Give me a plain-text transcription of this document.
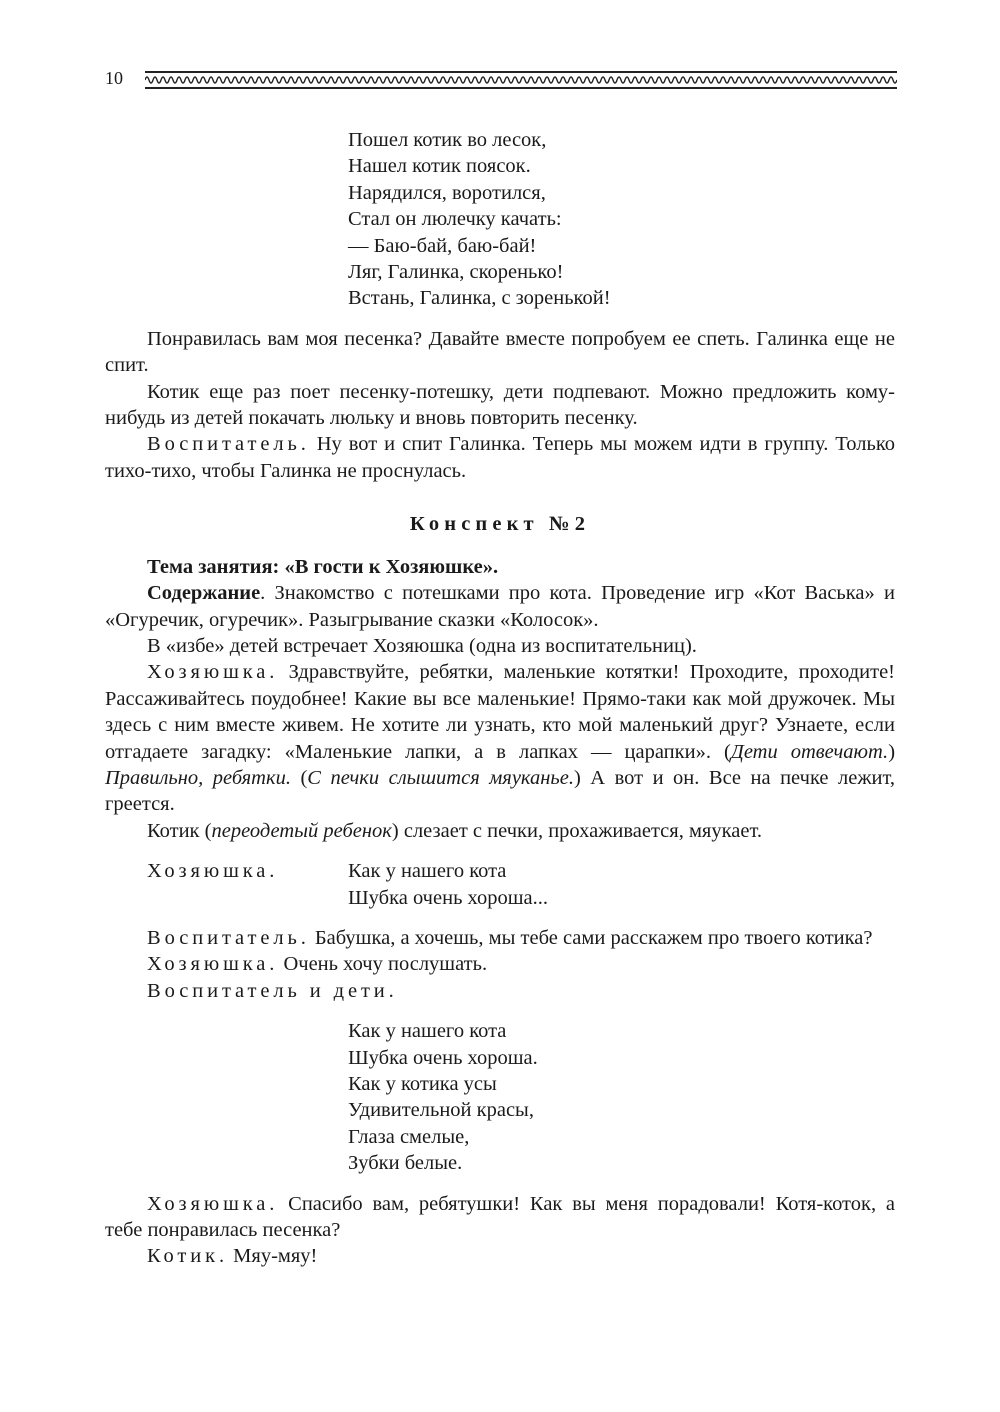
10
Пошел котик во лесок,
Нашел котик поясок.
Нарядился, воротился,
Стал он люлечку качать:
— Баю-бай, баю-бай!
Ляг, Галинка, скоренько!
Встань, Галинка, с зоренькой!

Понравилась вам моя песенка? Давайте вместе попробуем ее спеть. Галинка еще не спит.

Котик еще раз поет песенку-потешку, дети подпевают. Можно предложить кому-нибудь из детей покачать люльку и вновь повторить песенку.

Воспитатель. Ну вот и спит Галинка. Теперь мы можем идти в группу. Только тихо-тихо, чтобы Галинка не проснулась.

Конспект №2

Тема занятия: «В гости к Хозяюшке».

Содержание. Знакомство с потешками про кота. Проведение игр «Кот Васька» и «Огуречик, огуречик». Разыгрывание сказки «Колосок».

В «избе» детей встречает Хозяюшка (одна из воспитательниц).

Хозяюшка. Здравствуйте, ребятки, маленькие котятки! Проходите, проходите! Рассаживайтесь поудобнее! Какие вы все маленькие! Прямо-таки как мой дружочек. Мы здесь с ним вместе живем. Не хотите ли узнать, кто мой маленький друг? Узнаете, если отгадаете загадку: «Маленькие лапки, а в лапках — царапки». (Дети отвечают.) Правильно, ребятки. (С печки слышится мяуканье.) А вот и он. Все на печке лежит, греется.

Котик (переодетый ребенок) слезает с печки, прохаживается, мяукает.

Хозяюшка.	Как у нашего кота
Шубка очень хороша...

Воспитатель. Бабушка, а хочешь, мы тебе сами расскажем про твоего котика?

Хозяюшка. Очень хочу послушать.

Воспитатель и дети.

Как у нашего кота
Шубка очень хороша.
Как у котика усы
Удивительной красы,
Глаза смелые,
Зубки белые.

Хозяюшка. Спасибо вам, ребятушки! Как вы меня порадовали! Котя-коток, а тебе понравилась песенка?

Котик. Мяу-мяу!
